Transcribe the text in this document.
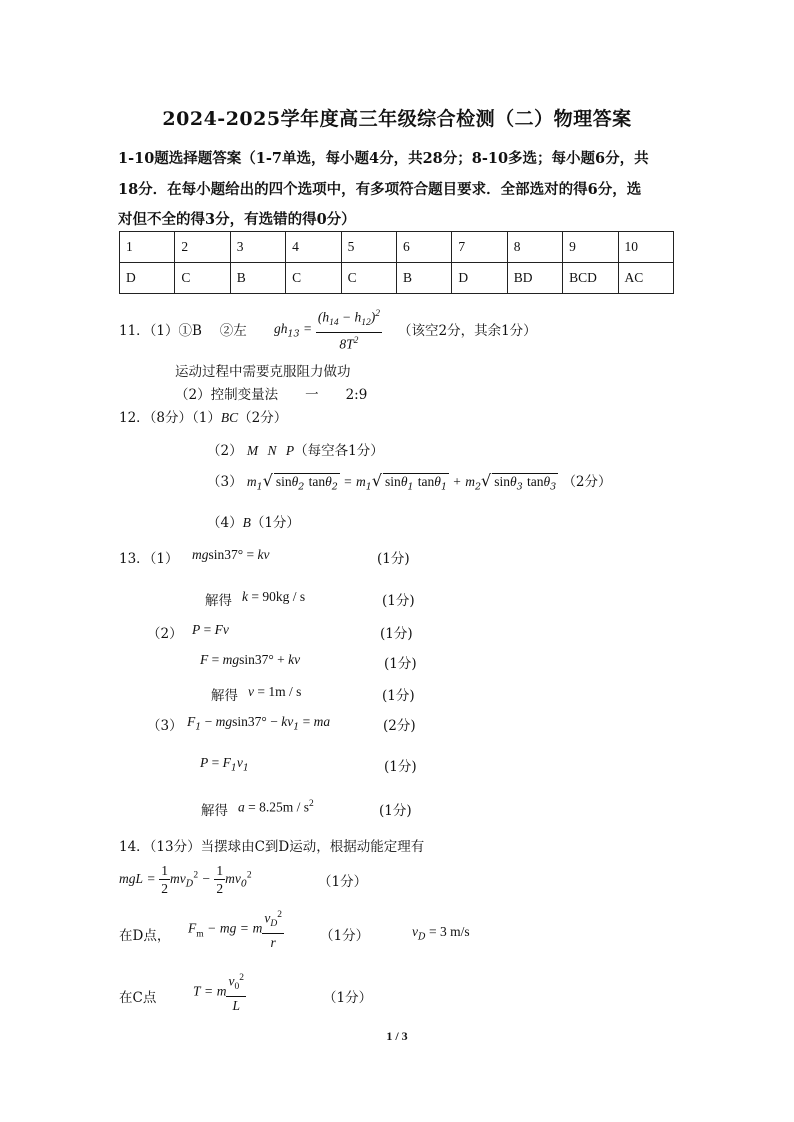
2024-2025学年度高三年级综合检测（二）物理答案
1-10题选择题答案（1-7单选，每小题4分，共28分；8-10多选；每小题6分，共
18分．在每小题给出的四个选项中，有多项符合题目要求．全部选对的得6分，选
对但不全的得3分，有选错的得0分）
1	2	3	4	5	6	7	8	9	10
D	C	B	C	C	B	D	BD	BCD	AC
11．（1）①B　 ②左 $gh_{13} = \frac{(h_{14} - h_{12})^2}{8T^2}$ （该空2分，其余1分）
运动过程中需要克服阻力做功
（2）控制变量法　　一　　2:9
12．（8分）（1）BC（2分）
（2） M N P（每空各1分）
（3） $m_1√$ sinθ$_2$ $\tan\theta_2 = m_1√$ sinθ$_1$ $\tan\theta_1 + m_2√$ sinθ$_3$ tanθ$_3$ （2分）
（4）B（1分）
13．（1） mgsin37° = kv	(1分)
解得 k = 90kg / s	(1分)
（2） P = Fv	(1分)
F = mgsin37° + kv	(1分)
解得 v = 1m / s	(1分)
（3） $F_1 - mgsin37^\circ - kv_1$ = ma	(2分)
$P = F_1v_1$	(1分)
解得 $a = 8.25m / s^2$	(1分)
14．（13分）当摆球由C到D运动，根据动能定理有
mgL = $\frac{1}{2} mv_D^2 - \frac{1}{2} mv_0^2$	（1分）
在D点， $F_m$ − mg = m $\frac{v_D^2}{r}$	（1分）	$v_D = 3$ m/s
在C点	T = m $\frac{v_0^2}{L}$	（1分）
1 / 3
